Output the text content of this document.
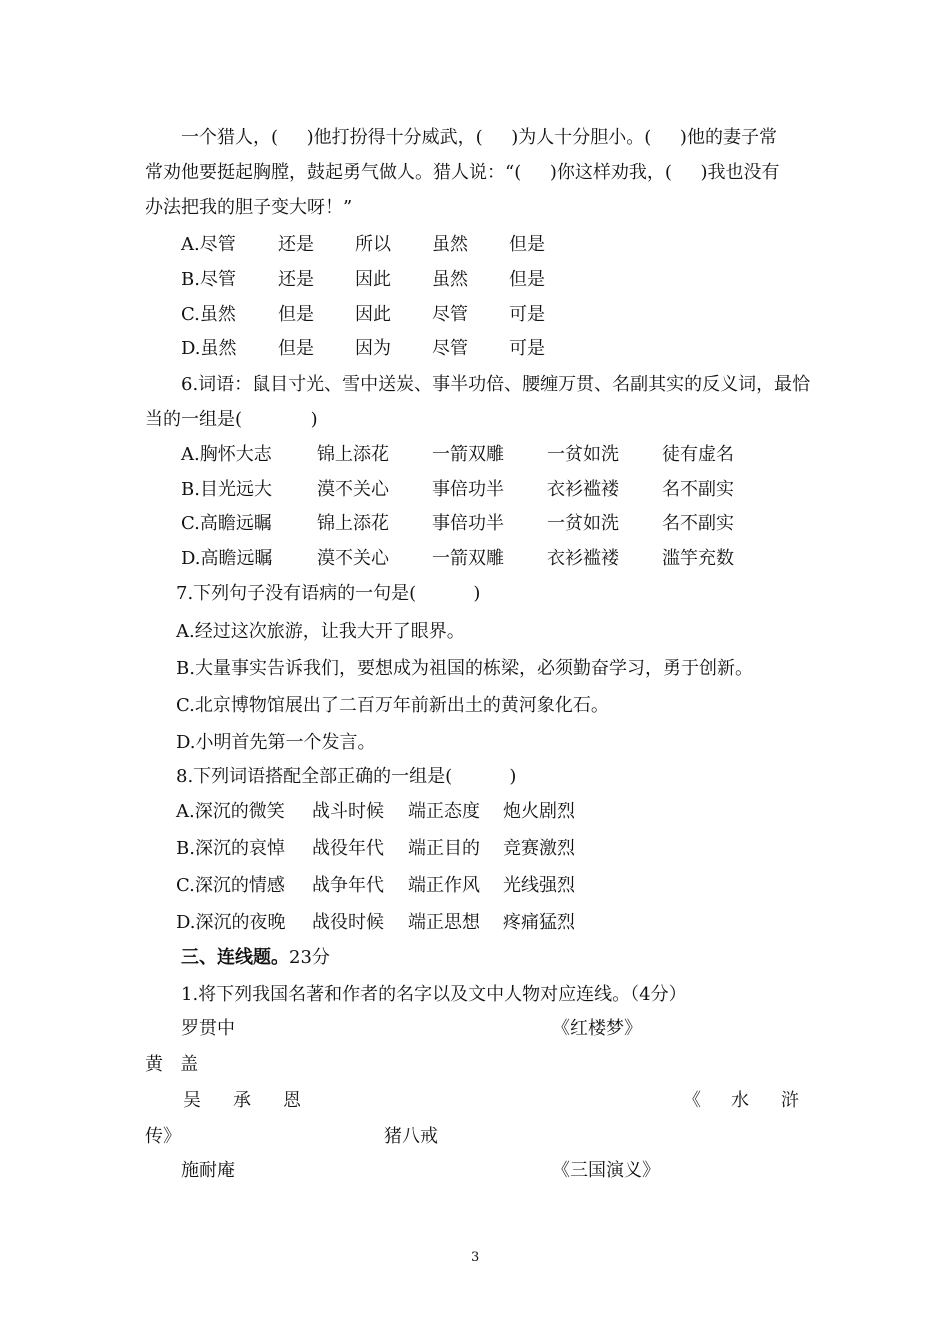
一个猎人，(     )他打扮得十分威武，(     )为人十分胆小。(     )他的妻子常
常劝他要挺起胸膛，鼓起勇气做人。猎人说：“(     )你这样劝我，(     )我也没有
办法把我的胆子变大呀！”
A.尽管 还是 所以 虽然 但是
B.尽管 还是 因此 虽然 但是
C.虽然 但是 因此 尽管 可是
D.虽然 但是 因为 尽管 可是
6.词语：鼠目寸光、雪中送炭、事半功倍、腰缠万贯、名副其实的反义词，最恰
当的一组是(            )
A.胸怀大志	锦上添花 一箭双雕 一贫如洗 徒有虚名
B.目光远大	漠不关心 事倍功半 衣衫褴褛 名不副实
C.高瞻远瞩	锦上添花 事倍功半 一贫如洗 名不副实
D.高瞻远瞩 漠不关心 一箭双雕 衣衫褴褛 滥竽充数
7.下列句子没有语病的一句是(          )
A.经过这次旅游，让我大开了眼界。
B.大量事实告诉我们，要想成为祖国的栋梁，必须勤奋学习，勇于创新。
C.北京博物馆展出了二百万年前新出土的黄河象化石。
D.小明首先第一个发言。
8.下列词语搭配全部正确的一组是(          )
A.深沉的微笑 战斗时候 端正态度 炮火剧烈
B.深沉的哀悼 战役年代 端正目的 竞赛激烈
C.深沉的情感 战争年代 端正作风 光线强烈
D.深沉的夜晚 战役时候 端正思想 疼痛猛烈
三、连线题。23分
1.将下列我国名著和作者的名字以及文中人物对应连线。（4分）
罗贯中	《红楼梦》
黄   盖
吴 承 恩	《 水 浒
传》	猪八戒
施耐庵	《三国演义》
3
